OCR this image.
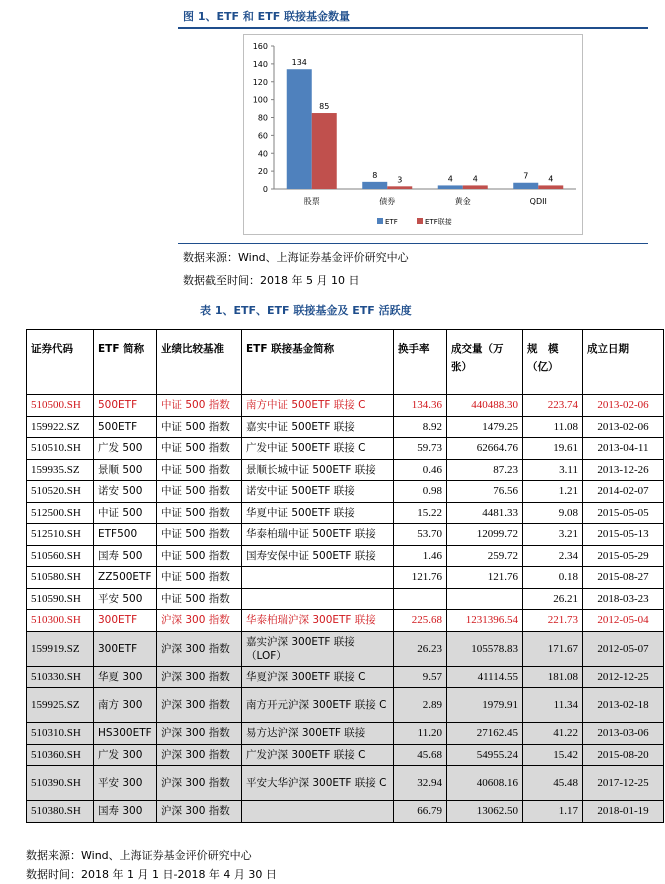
图 1、ETF 和 ETF 联接基金数量
0
20
40
60
80
100
120
140
160
134
85
股票
8 3
债券
4 4
黄金
7 4
QDII
ETF	ETF联接
数据来源：Wind、上海证券基金评价研究中心
数据截至时间：2018 年 5 月 10 日
表 1、ETF、ETF 联接基金及 ETF 活跃度
证券代码	ETF 简称	业绩比较基准	ETF 联接基金简称	换手率	成交量（万张）	规　模（亿）	成立日期
510500.SH	500ETF	中证 500 指数	南方中证 500ETF 联接 C	134.36	440488.30	223.74	2013-02-06
159922.SZ	500ETF	中证 500 指数	嘉实中证 500ETF 联接	8.92	1479.25	11.08	2013-02-06
510510.SH	广发 500	中证 500 指数	广发中证 500ETF 联接 C	59.73	62664.76	19.61	2013-04-11
159935.SZ	景顺 500	中证 500 指数	景顺长城中证 500ETF 联接	0.46	87.23	3.11	2013-12-26
510520.SH	诺安 500	中证 500 指数	诺安中证 500ETF 联接	0.98	76.56	1.21	2014-02-07
512500.SH	中证 500	中证 500 指数	华夏中证 500ETF 联接	15.22	4481.33	9.08	2015-05-05
512510.SH	ETF500	中证 500 指数	华泰柏瑞中证 500ETF 联接	53.70	12099.72	3.21	2015-05-13
510560.SH	国寿 500	中证 500 指数	国寿安保中证 500ETF 联接	1.46	259.72	2.34	2015-05-29
510580.SH	ZZ500ETF	中证 500 指数		121.76	121.76	0.18	2015-08-27
510590.SH	平安 500	中证 500 指数				26.21	2018-03-23
510300.SH	300ETF	沪深 300 指数	华泰柏瑞沪深 300ETF 联接	225.68	1231396.54	221.73	2012-05-04
159919.SZ	300ETF	沪深 300 指数	嘉实沪深 300ETF 联接（LOF）	26.23	105578.83	171.67	2012-05-07
510330.SH	华夏 300	沪深 300 指数	华夏沪深 300ETF 联接 C	9.57	41114.55	181.08	2012-12-25
159925.SZ	南方 300	沪深 300 指数	南方开元沪深 300ETF 联接 C	2.89	1979.91	11.34	2013-02-18
510310.SH	HS300ETF	沪深 300 指数	易方达沪深 300ETF 联接	11.20	27162.45	41.22	2013-03-06
510360.SH	广发 300	沪深 300 指数	广发沪深 300ETF 联接 C	45.68	54955.24	15.42	2015-08-20
510390.SH	平安 300	沪深 300 指数	平安大华沪深 300ETF 联接 C	32.94	40608.16	45.48	2017-12-25
510380.SH	国寿 300	沪深 300 指数		66.79	13062.50	1.17	2018-01-19
数据来源：Wind、上海证券基金评价研究中心
数据时间：2018 年 1 月 1 日-2018 年 4 月 30 日
